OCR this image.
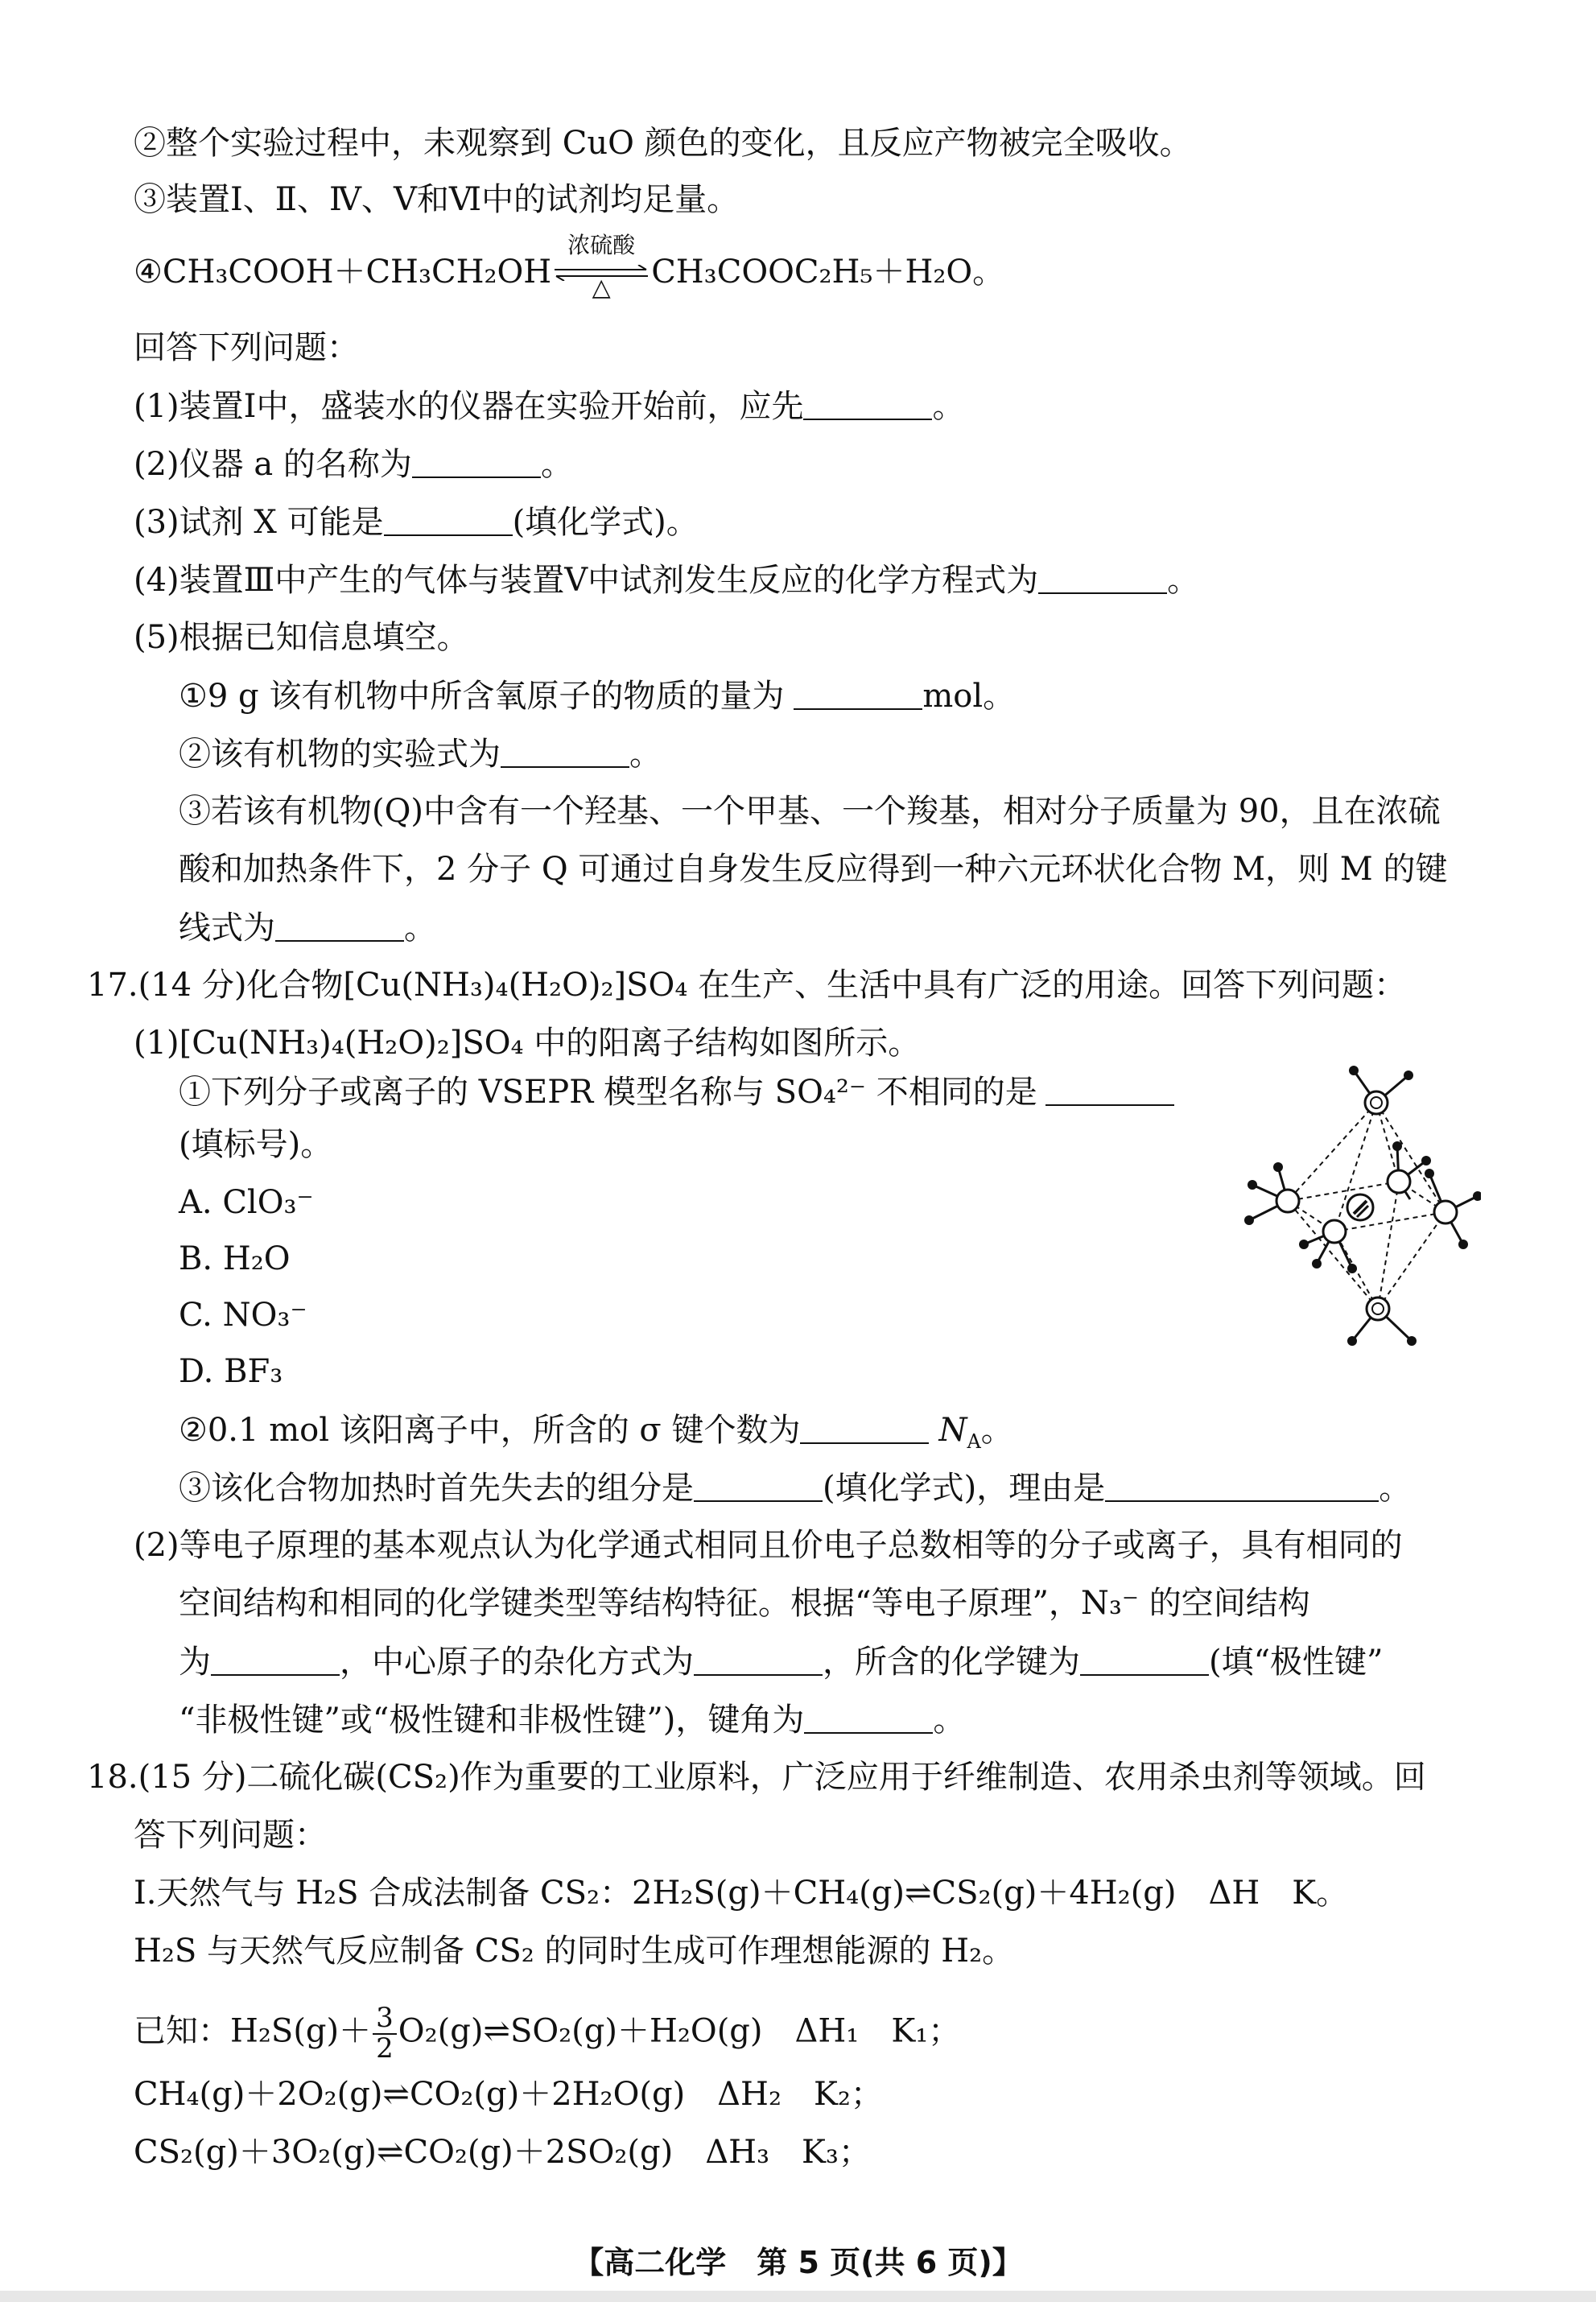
②整个实验过程中，未观察到 CuO 颜色的变化，且反应产物被完全吸收。
③装置Ⅰ、Ⅱ、Ⅳ、Ⅴ和Ⅵ中的试剂均足量。
④CH₃COOH＋CH₃CH₂OH
浓硫酸
△	CH₃COOC₂H₅＋H₂O。
回答下列问题：
(1)装置Ⅰ中，盛装水的仪器在实验开始前，应先	。
(2)仪器 a 的名称为	。
(3)试剂 X 可能是	(填化学式)。
(4)装置Ⅲ中产生的气体与装置Ⅴ中试剂发生反应的化学方程式为	。
(5)根据已知信息填空。
①9 g 该有机物中所含氧原子的物质的量为	mol。
②该有机物的实验式为	。
③若该有机物(Q)中含有一个羟基、一个甲基、一个羧基，相对分子质量为 90，且在浓硫
酸和加热条件下，2 分子 Q 可通过自身发生反应得到一种六元环状化合物 M，则 M 的键
线式为	。
17.(14 分)化合物[Cu(NH₃)₄(H₂O)₂]SO₄ 在生产、生活中具有广泛的用途。回答下列问题：
(1)[Cu(NH₃)₄(H₂O)₂]SO₄ 中的阳离子结构如图所示。
①下列分子或离子的 VSEPR 模型名称与 SO₄²⁻ 不相同的是
(填标号)。
A. ClO₃⁻
B. H₂O
C. NO₃⁻
D. BF₃
②0.1 mol 该阳离子中，所含的 σ 键个数为	$N_A$。
③该化合物加热时首先失去的组分是	(填化学式)，理由是	。
(2)等电子原理的基本观点认为化学通式相同且价电子总数相等的分子或离子，具有相同的
空间结构和相同的化学键类型等结构特征。根据“等电子原理”，N₃⁻ 的空间结构
为	，中心原子的杂化方式为	，所含的化学键为	(填“极性键”
“非极性键”或“极性键和非极性键”)，键角为	。
18.(15 分)二硫化碳(CS₂)作为重要的工业原料，广泛应用于纤维制造、农用杀虫剂等领域。回
答下列问题：
Ⅰ.天然气与 H₂S 合成法制备 CS₂：2H₂S(g)＋CH₄(g)⇌CS₂(g)＋4H₂(g)　ΔH　K。
H₂S 与天然气反应制备 CS₂ 的同时生成可作理想能源的 H₂。
已知：$H_2S(g)+ \frac{3}{2}$ O₂(g)⇌SO₂(g)＋H₂O(g)　ΔH₁　K₁；
CH₄(g)＋2O₂(g)⇌CO₂(g)＋2H₂O(g)　ΔH₂　K₂；
CS₂(g)＋3O₂(g)⇌CO₂(g)＋2SO₂(g)　ΔH₃　K₃；
【高二化学　第 5 页(共 6 页)】
